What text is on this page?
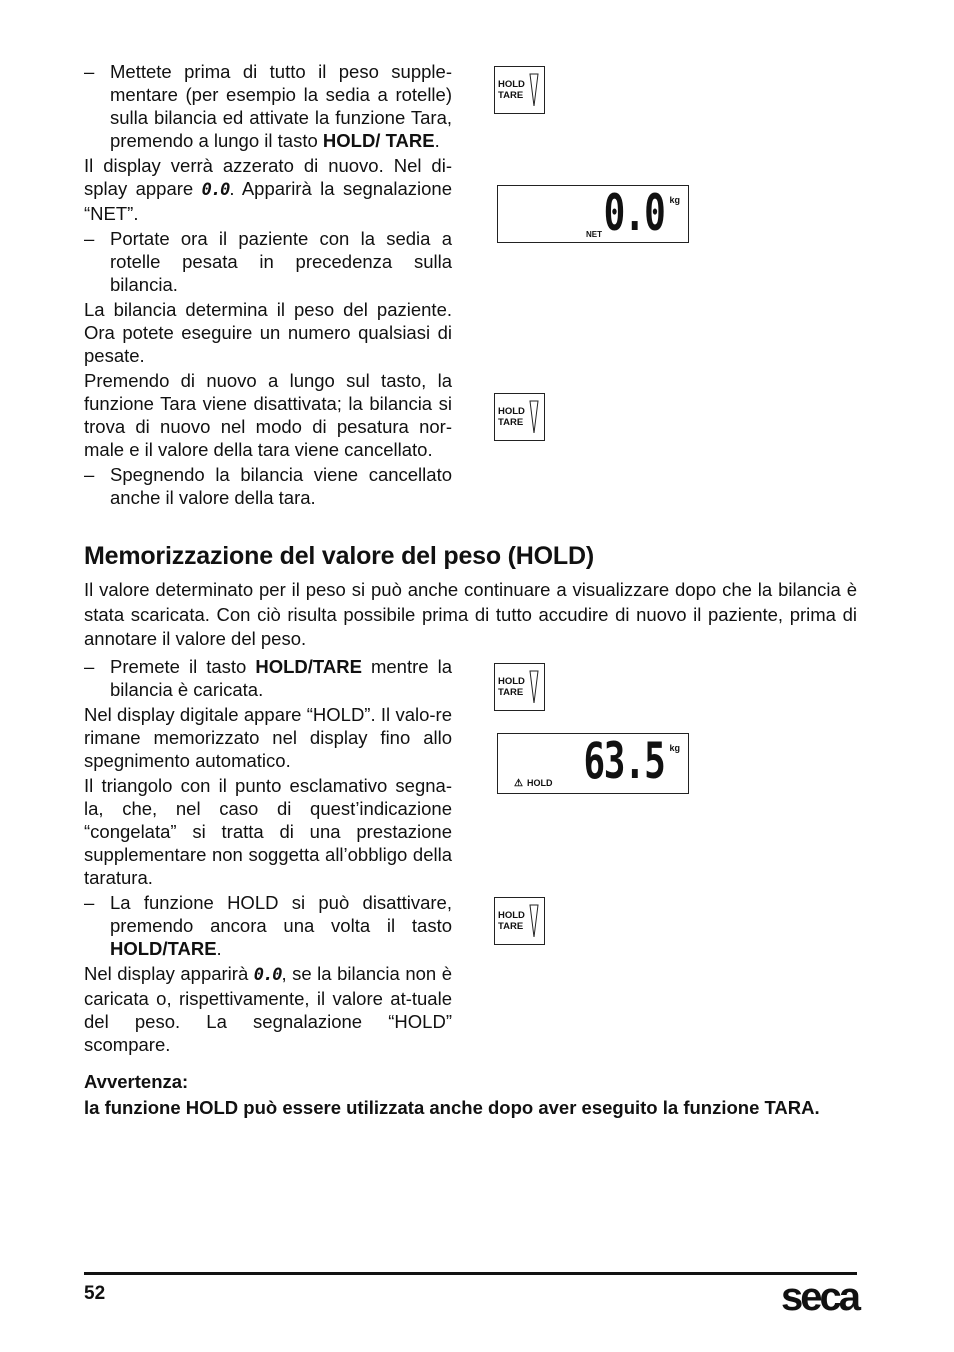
– Mettete prima di tutto il peso supple-mentare (per esempio la sedia a rotelle) sulla bilancia ed attivate la funzione Tara, premendo a lungo il tasto HOLD/ TARE.

Il display verrà azzerato di nuovo. Nel di-splay appare 0.0. Apparirà la segnalazione “NET”.

– Portate ora il paziente con la sedia a rotelle pesata in precedenza sulla bilancia.

La bilancia determina il peso del paziente. Ora potete eseguire un numero qualsiasi di pesate.

Premendo di nuovo a lungo sul tasto, la funzione Tara viene disattivata; la bilancia si trova di nuovo nel modo di pesatura nor-male e il valore della tara viene cancellato.

– Spegnendo la bilancia viene cancellato anche il valore della tara.
HOLD
TARE
0.0 kg
NET
HOLD
TARE
Memorizzazione del valore del peso (HOLD)

Il valore determinato per il peso si può anche continuare a visualizzare dopo che la bilancia è stata scaricata. Con ciò risulta possibile prima di tutto accudire di nuovo il paziente, prima di annotare il valore del peso.

– Premete il tasto HOLD/TARE mentre la bilancia è caricata.

Nel display digitale appare “HOLD”. Il valo-re rimane memorizzato nel display fino allo spegnimento automatico.

Il triangolo con il punto esclamativo segna-la, che, nel caso di quest’indicazione “congelata” si tratta di una prestazione supplementare non soggetta all’obbligo della taratura.

– La funzione HOLD si può disattivare, premendo ancora una volta il tasto HOLD/TARE.

Nel display apparirà 0.0, se la bilancia non è caricata o, rispettivamente, il valore at-tuale del peso. La segnalazione “HOLD” scompare.

HOLD
TARE
63.5 kg
⚠ HOLD
HOLD
TARE
Avvertenza:
la funzione HOLD può essere utilizzata anche dopo aver eseguito la funzione TARA.
52	seca
